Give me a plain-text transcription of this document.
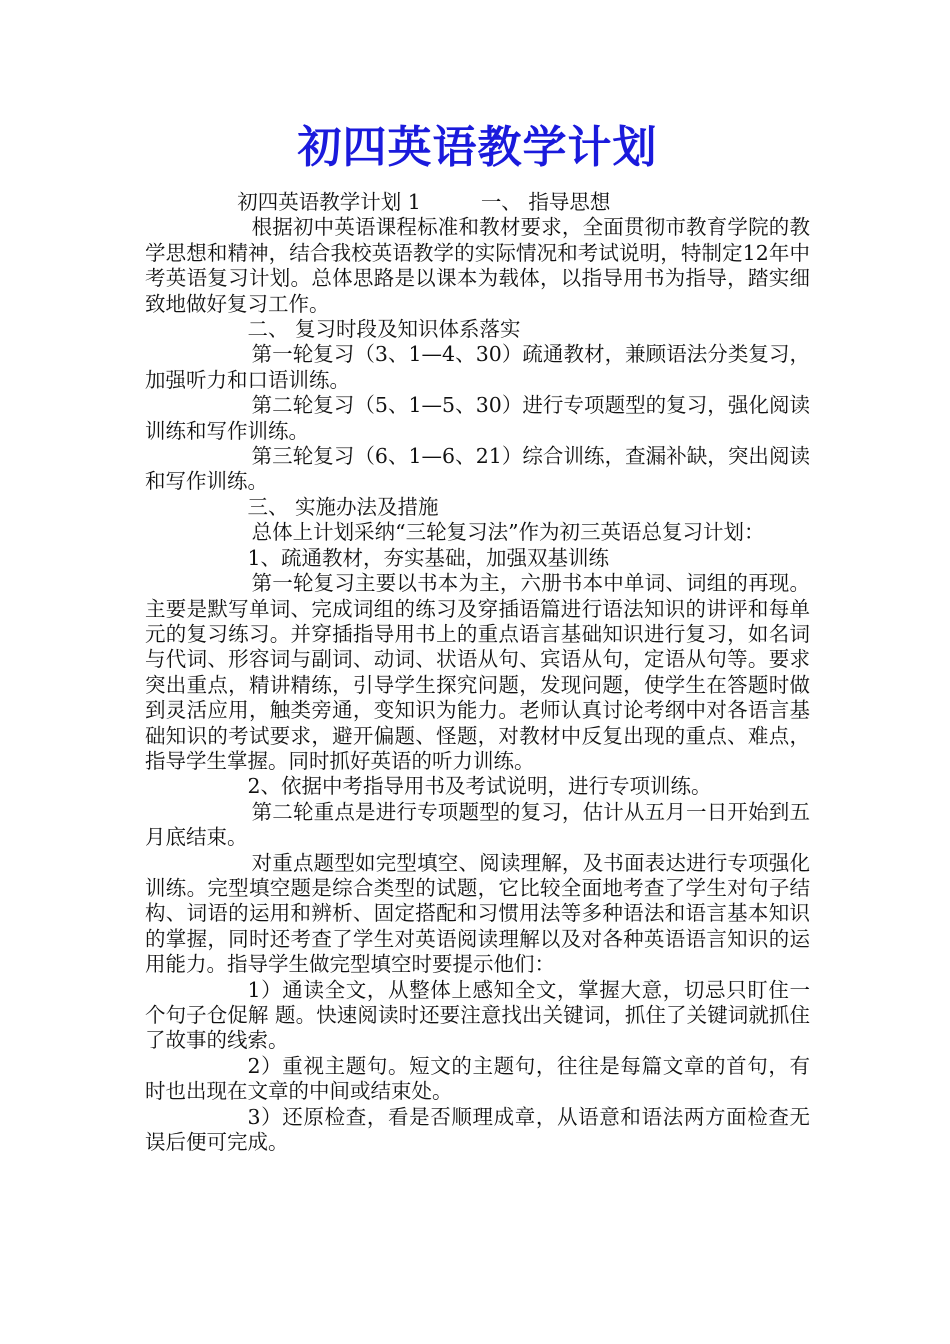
初四英语教学计划

初四英语教学计划 1	一、 指导思想

根据初中英语课程标准和教材要求，全面贯彻市教育学院的教学思想和精神，结合我校英语教学的实际情况和考试说明，特制定12年中考英语复习计划。总体思路是以课本为载体，以指导用书为指导，踏实细致地做好复习工作。

二、 复习时段及知识体系落实

第一轮复习（3、1—4、30）疏通教材，兼顾语法分类复习，加强听力和口语训练。

第二轮复习（5、1—5、30）进行专项题型的复习，强化阅读训练和写作训练。

第三轮复习（6、1—6、21）综合训练，查漏补缺，突出阅读和写作训练。

三、 实施办法及措施

总体上计划采纳“三轮复习法”作为初三英语总复习计划：

1、疏通教材，夯实基础，加强双基训练

第一轮复习主要以书本为主，六册书本中单词、词组的再现。主要是默写单词、完成词组的练习及穿插语篇进行语法知识的讲评和每单元的复习练习。并穿插指导用书上的重点语言基础知识进行复习，如名词与代词、形容词与副词、动词、状语从句、宾语从句，定语从句等。要求突出重点，精讲精练，引导学生探究问题，发现问题，使学生在答题时做到灵活应用，触类旁通，变知识为能力。老师认真讨论考纲中对各语言基础知识的考试要求，避开偏题、怪题，对教材中反复出现的重点、难点，指导学生掌握。同时抓好英语的听力训练。

2、依据中考指导用书及考试说明，进行专项训练。

第二轮重点是进行专项题型的复习，估计从五月一日开始到五月底结束。

对重点题型如完型填空、阅读理解，及书面表达进行专项强化训练。完型填空题是综合类型的试题，它比较全面地考查了学生对句子结构、词语的运用和辨析、固定搭配和习惯用法等多种语法和语言基本知识的掌握，同时还考查了学生对英语阅读理解以及对各种英语语言知识的运用能力。指导学生做完型填空时要提示他们：

1）通读全文，从整体上感知全文，掌握大意，切忌只盯住一个句子仓促解 题。快速阅读时还要注意找出关键词，抓住了关键词就抓住了故事的线索。

2）重视主题句。短文的主题句，往往是每篇文章的首句，有时也出现在文章的中间或结束处。

3）还原检查，看是否顺理成章，从语意和语法两方面检查无误后便可完成。
